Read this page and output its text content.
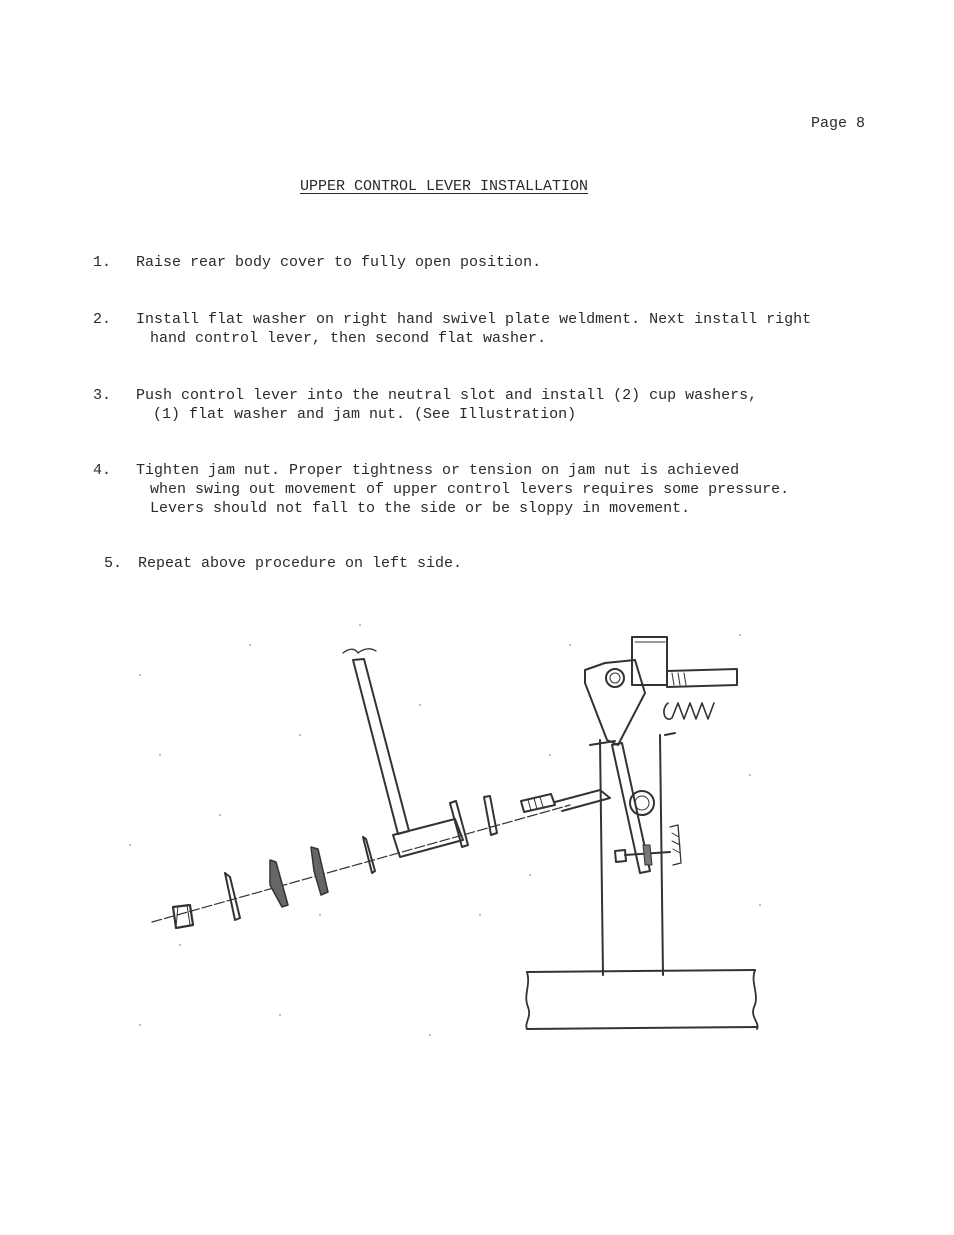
Page 8
UPPER CONTROL LEVER INSTALLATION

1.

Raise rear body cover to fully open position.

2.

Install flat washer on right hand swivel plate weldment. Next install right

hand control lever, then second flat washer.

3.

Push control lever into the neutral slot and install (2) cup washers,

(1) flat washer and jam nut. (See Illustration)

4.

Tighten jam nut. Proper tightness or tension on jam nut is achieved

when swing out movement of upper control levers requires some pressure.

Levers should not fall to the side or be sloppy in movement.

5.

Repeat above procedure on left side.
